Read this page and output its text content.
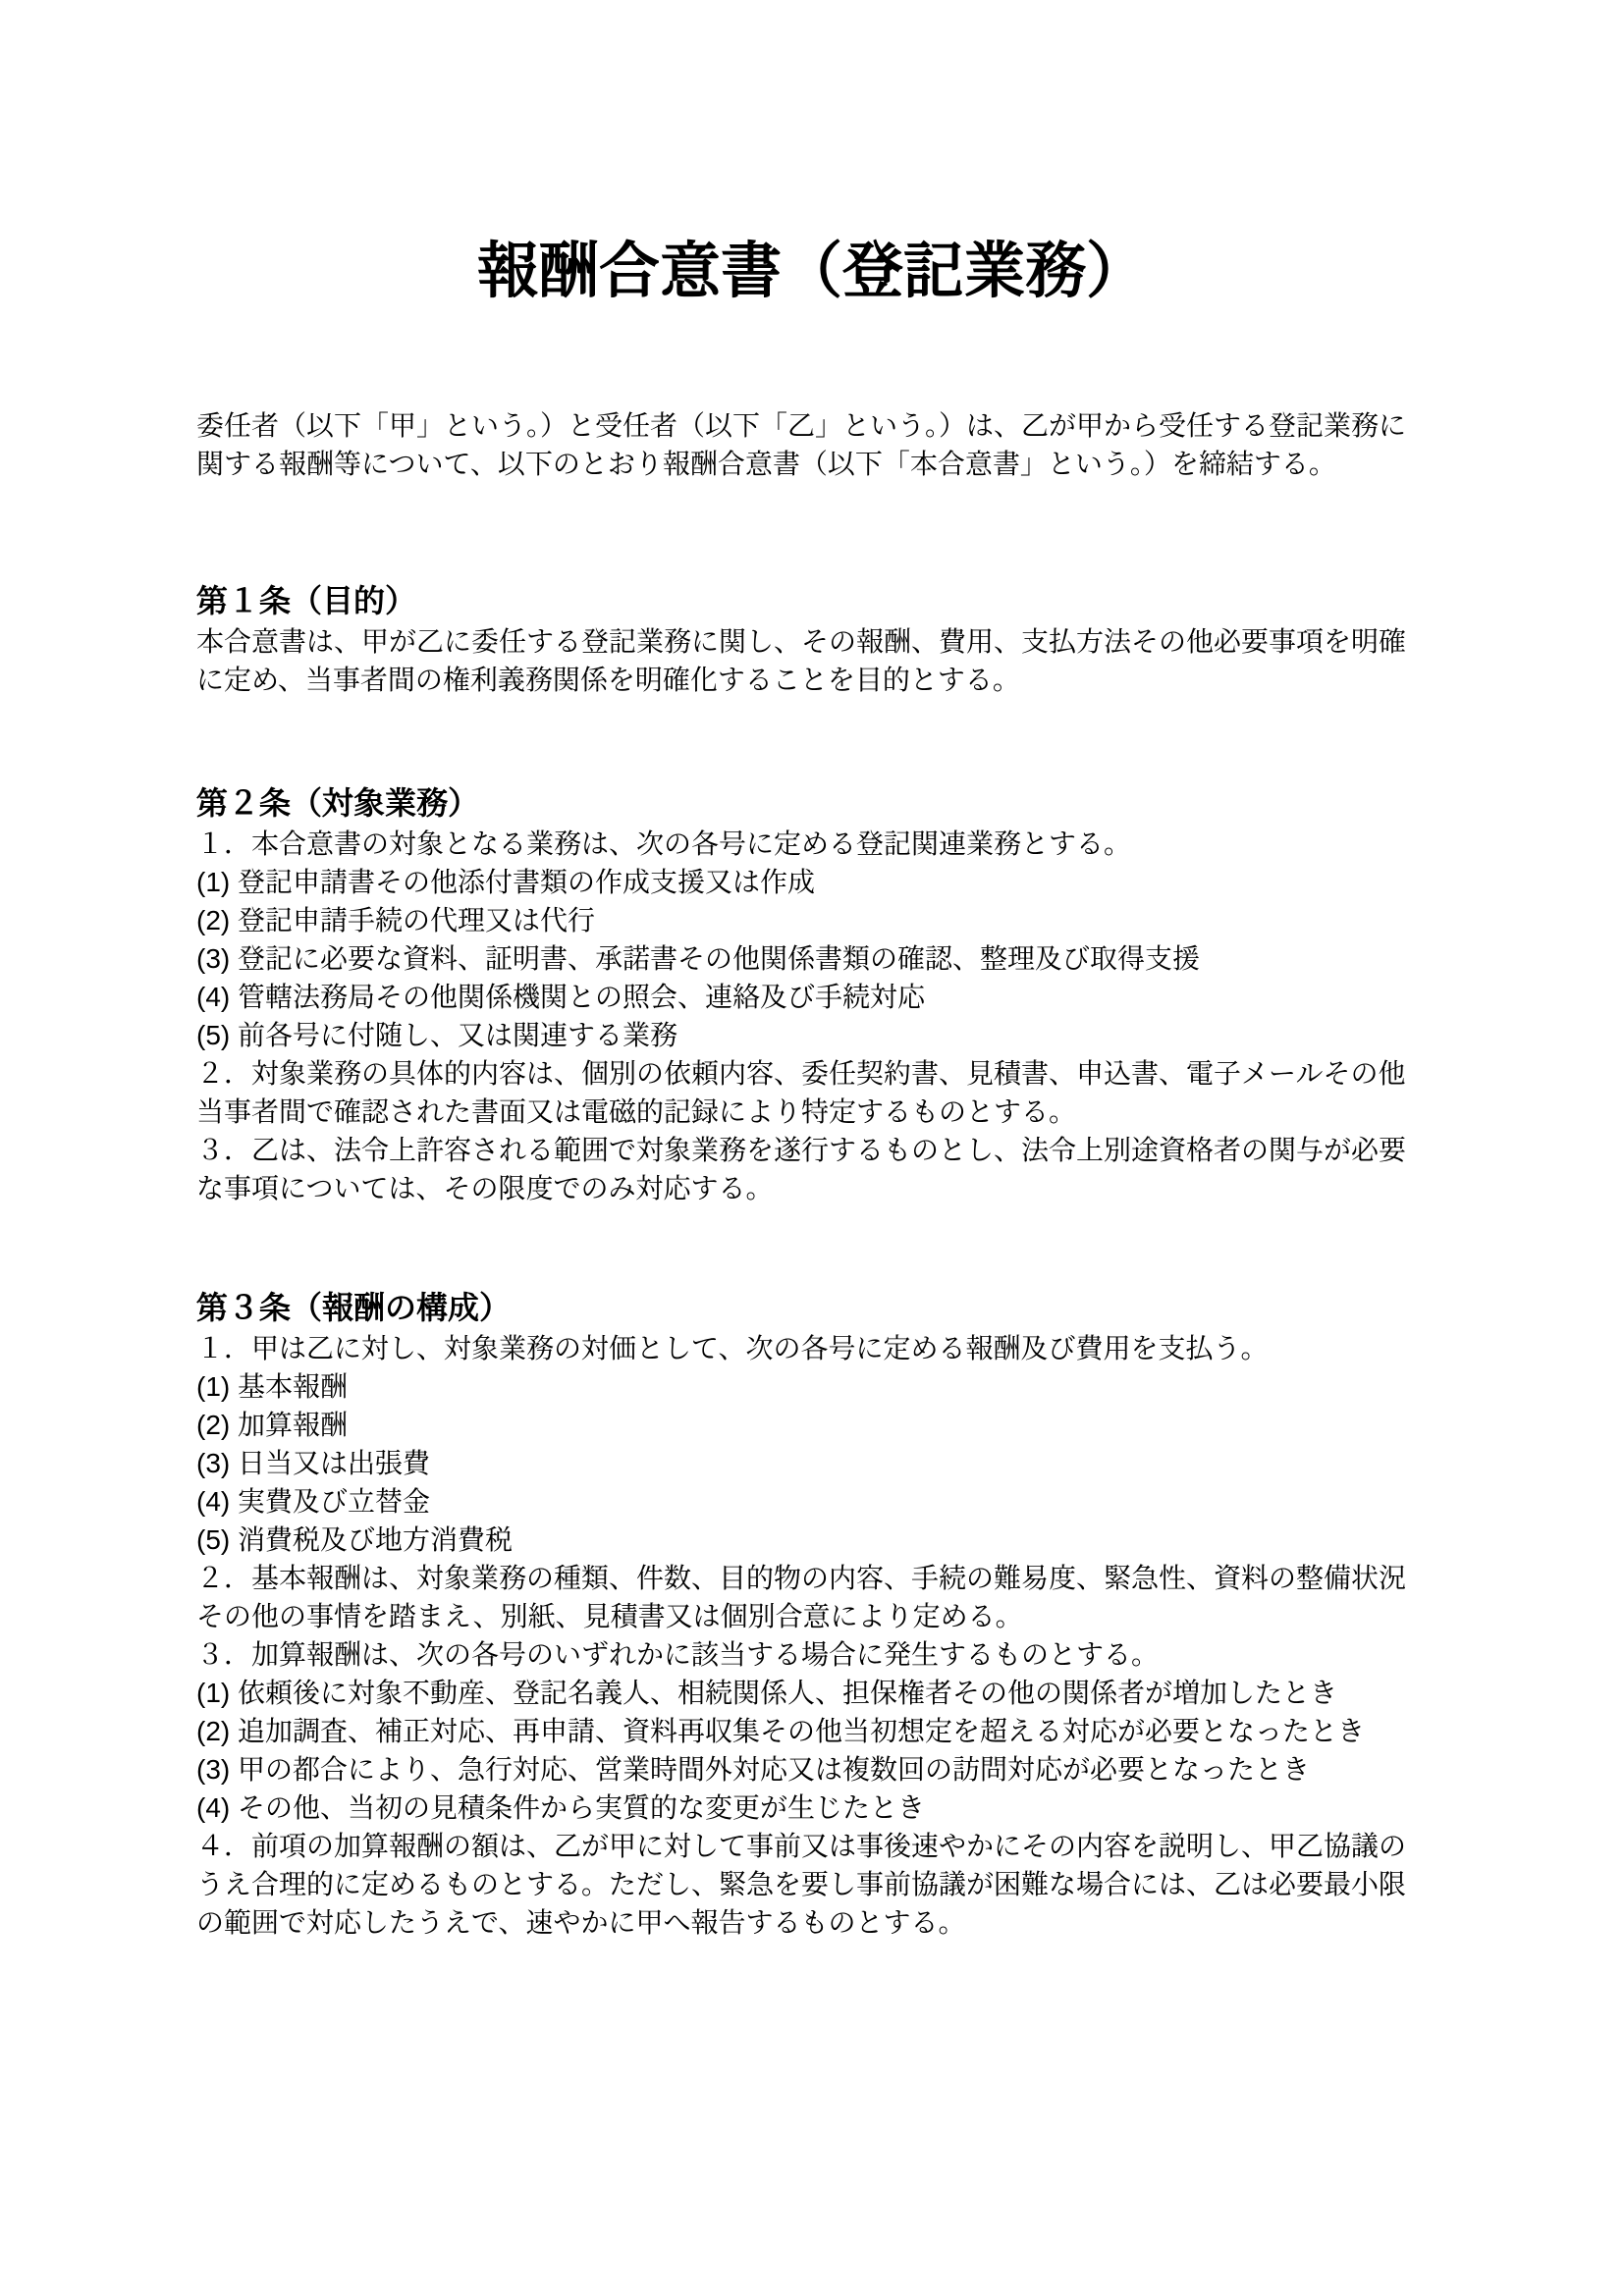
報酬合意書（登記業務）

委任者（以下「甲」という。）と受任者（以下「乙」という。）は、乙が甲から受任する登記業務に関する報酬等について、以下のとおり報酬合意書（以下「本合意書」という。）を締結する。

第１条（目的）

本合意書は、甲が乙に委任する登記業務に関し、その報酬、費用、支払方法その他必要事項を明確に定め、当事者間の権利義務関係を明確化することを目的とする。

第２条（対象業務）

１．本合意書の対象となる業務は、次の各号に定める登記関連業務とする。

(1) 登記申請書その他添付書類の作成支援又は作成

(2) 登記申請手続の代理又は代行

(3) 登記に必要な資料、証明書、承諾書その他関係書類の確認、整理及び取得支援

(4) 管轄法務局その他関係機関との照会、連絡及び手続対応

(5) 前各号に付随し、又は関連する業務

２．対象業務の具体的内容は、個別の依頼内容、委任契約書、見積書、申込書、電子メールその他当事者間で確認された書面又は電磁的記録により特定するものとする。

３．乙は、法令上許容される範囲で対象業務を遂行するものとし、法令上別途資格者の関与が必要な事項については、その限度でのみ対応する。

第３条（報酬の構成）

１．甲は乙に対し、対象業務の対価として、次の各号に定める報酬及び費用を支払う。

(1) 基本報酬

(2) 加算報酬

(3) 日当又は出張費

(4) 実費及び立替金

(5) 消費税及び地方消費税

２．基本報酬は、対象業務の種類、件数、目的物の内容、手続の難易度、緊急性、資料の整備状況その他の事情を踏まえ、別紙、見積書又は個別合意により定める。

３．加算報酬は、次の各号のいずれかに該当する場合に発生するものとする。

(1) 依頼後に対象不動産、登記名義人、相続関係人、担保権者その他の関係者が増加したとき

(2) 追加調査、補正対応、再申請、資料再収集その他当初想定を超える対応が必要となったとき

(3) 甲の都合により、急行対応、営業時間外対応又は複数回の訪問対応が必要となったとき

(4) その他、当初の見積条件から実質的な変更が生じたとき

４．前項の加算報酬の額は、乙が甲に対して事前又は事後速やかにその内容を説明し、甲乙協議のうえ合理的に定めるものとする。ただし、緊急を要し事前協議が困難な場合には、乙は必要最小限の範囲で対応したうえで、速やかに甲へ報告するものとする。
